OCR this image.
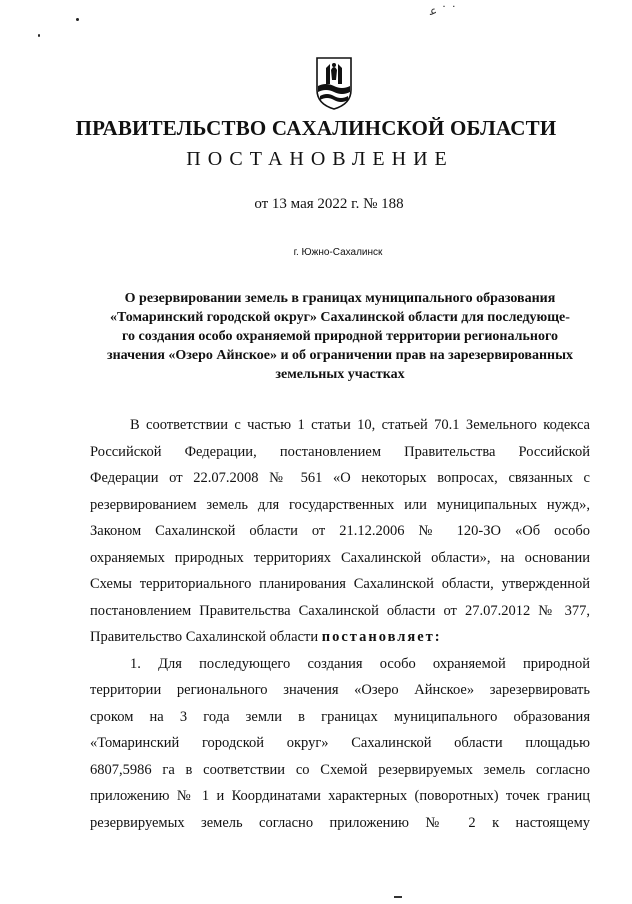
ﻋ ˙ ˙
ПРАВИТЕЛЬСТВО САХАЛИНСКОЙ ОБЛАСТИ
ПОСТАНОВЛЕНИЕ
от 13 мая 2022 г. № 188
г. Южно-Сахалинск
О резервировании земель в границах муниципального образования
«Томаринский городской округ» Сахалинской области для последующе-
го создания особо охраняемой природной территории регионального
значения «Озеро Айнское» и об ограничении прав на зарезервированных
земельных участках
В соответствии с частью 1 статьи 10, статьей 70.1 Земельного кодекса
Российской Федерации, постановлением Правительства Российской
Федерации от 22.07.2008 № 561 «О некоторых вопросах, связанных с
резервированием земель для государственных или муниципальных нужд»,
Законом Сахалинской области от 21.12.2006 № 120-ЗО «Об особо
охраняемых природных территориях Сахалинской области», на основании
Схемы территориального планирования Сахалинской области, утвержденной
постановлением Правительства Сахалинской области от 27.07.2012 № 377,
Правительство Сахалинской области постановляет:
1. Для последующего создания особо охраняемой природной
территории регионального значения «Озеро Айнское» зарезервировать
сроком на 3 года земли в границах муниципального образования
«Томаринский городской округ» Сахалинской области площадью
6807,5986 га в соответствии со Схемой резервируемых земель согласно
приложению № 1 и Координатами характерных (поворотных) точек границ
резервируемых земель согласно приложению № 2 к настоящему
